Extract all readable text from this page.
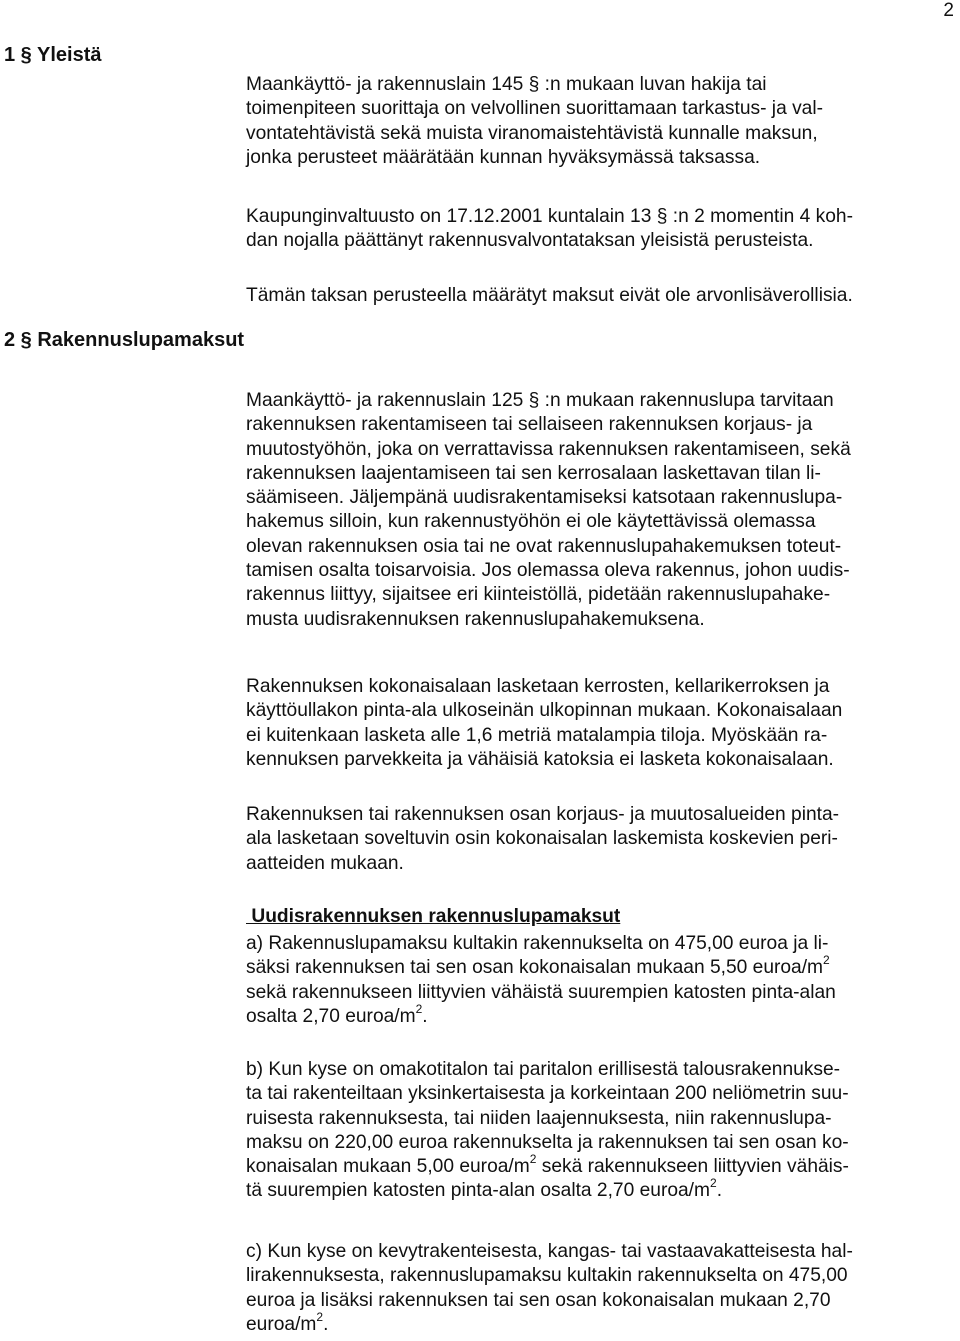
2
1 § Yleistä
Maankäyttö- ja rakennuslain 145 § :n mukaan luvan hakija tai
toimenpiteen suorittaja on velvollinen suorittamaan tarkastus- ja val-
vontatehtävistä sekä muista viranomaistehtävistä kunnalle maksun,
jonka perusteet määrätään kunnan hyväksymässä taksassa.
Kaupunginvaltuusto on 17.12.2001 kuntalain 13 § :n 2 momentin 4 koh-
dan nojalla päättänyt rakennusvalvontataksan yleisistä perusteista.
Tämän taksan perusteella määrätyt maksut eivät ole arvonlisäverollisia.
2 § Rakennuslupamaksut
Maankäyttö- ja rakennuslain 125 § :n mukaan rakennuslupa tarvitaan
rakennuksen rakentamiseen tai sellaiseen rakennuksen korjaus- ja
muutostyöhön, joka on verrattavissa rakennuksen rakentamiseen, sekä
rakennuksen laajentamiseen tai sen kerrosalaan laskettavan tilan li-
säämiseen. Jäljempänä uudisrakentamiseksi katsotaan rakennuslupa-
hakemus silloin, kun rakennustyöhön ei ole käytettävissä olemassa
olevan rakennuksen osia tai ne ovat rakennuslupahakemuksen toteut-
tamisen osalta toisarvoisia. Jos olemassa oleva rakennus, johon uudis-
rakennus liittyy, sijaitsee eri kiinteistöllä, pidetään rakennuslupahake-
musta uudisrakennuksen rakennuslupahakemuksena.
Rakennuksen kokonaisalaan lasketaan kerrosten, kellarikerroksen ja
käyttöullakon pinta-ala ulkoseinän ulkopinnan mukaan. Kokonaisalaan
ei kuitenkaan lasketa alle 1,6 metriä matalampia tiloja. Myöskään ra-
kennuksen parvekkeita ja vähäisiä katoksia ei lasketa kokonaisalaan.
Rakennuksen tai rakennuksen osan korjaus- ja muutosalueiden pinta-
ala lasketaan soveltuvin osin kokonaisalan laskemista koskevien peri-
aatteiden mukaan.
Uudisrakennuksen rakennuslupamaksut
a) Rakennuslupamaksu kultakin rakennukselta on 475,00 euroa ja li-
säksi rakennuksen tai sen osan kokonaisalan mukaan 5,50 euroa/$m^2$
sekä rakennukseen liittyvien vähäistä suurempien katosten pinta-alan
osalta 2,70 euroa/$m^2$.
b) Kun kyse on omakotitalon tai paritalon erillisestä talousrakennukse-
ta tai rakenteiltaan yksinkertaisesta ja korkeintaan 200 neliömetrin suu-
ruisesta rakennuksesta, tai niiden laajennuksesta, niin rakennuslupa-
maksu on 220,00 euroa rakennukselta ja rakennuksen tai sen osan ko-
konaisalan mukaan 5,00 euroa/$m^2$ sekä rakennukseen liittyvien vähäis-
tä suurempien katosten pinta-alan osalta 2,70 euroa/$m^2$.
c) Kun kyse on kevytrakenteisesta, kangas- tai vastaavakatteisesta hal-
lirakennuksesta, rakennuslupamaksu kultakin rakennukselta on 475,00
euroa ja lisäksi rakennuksen tai sen osan kokonaisalan mukaan 2,70
euroa/$m^2$.
